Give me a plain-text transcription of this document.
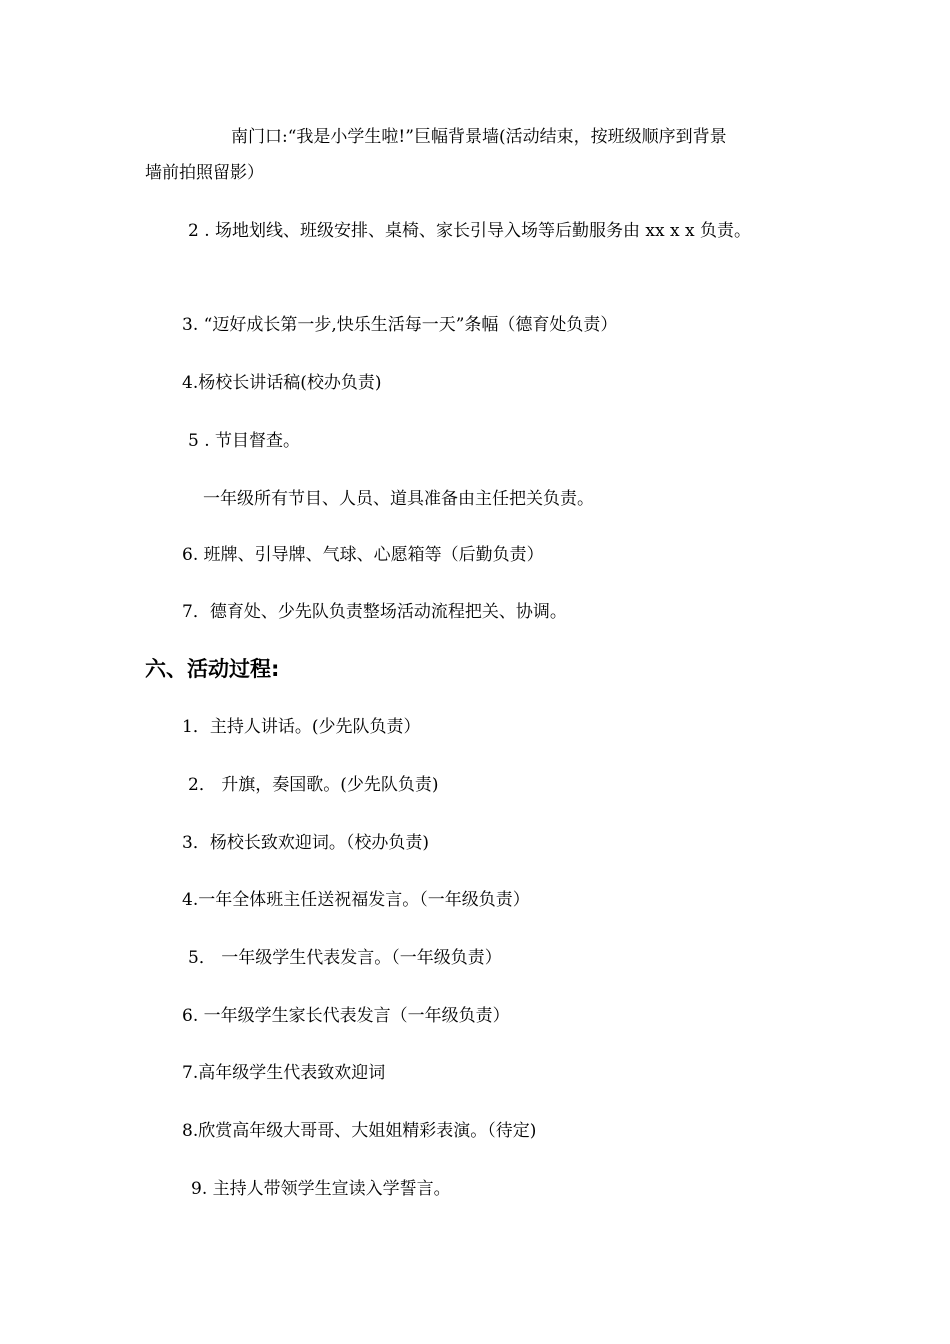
南门口:“我是小学生啦!”巨幅背景墙(活动结束，按班级顺序到背景
墙前拍照留影）
2 . 场地划线、班级安排、桌椅、家长引导入场等后勤服务由 xx x x 负责。
3. “迈好成长第一步,快乐生活每一天”条幅（德育处负责）
4.杨校长讲话稿(校办负责)
5 . 节目督查。
一年级所有节目、人员、道具准备由主任把关负责。
6. 班牌、引导牌、气球、心愿箱等（后勤负责）
7．德育处、少先队负责整场活动流程把关、协调。
六、活动过程:
1．主持人讲话。(少先队负责）
2． 升旗，奏国歌。(少先队负责)
3．杨校长致欢迎词。（校办负责)
4.一年全体班主任送祝福发言。（一年级负责）
5． 一年级学生代表发言。（一年级负责）
6. 一年级学生家长代表发言（一年级负责）
7.高年级学生代表致欢迎词
8.欣赏高年级大哥哥、大姐姐精彩表演。（待定)
9. 主持人带领学生宣读入学誓言。
